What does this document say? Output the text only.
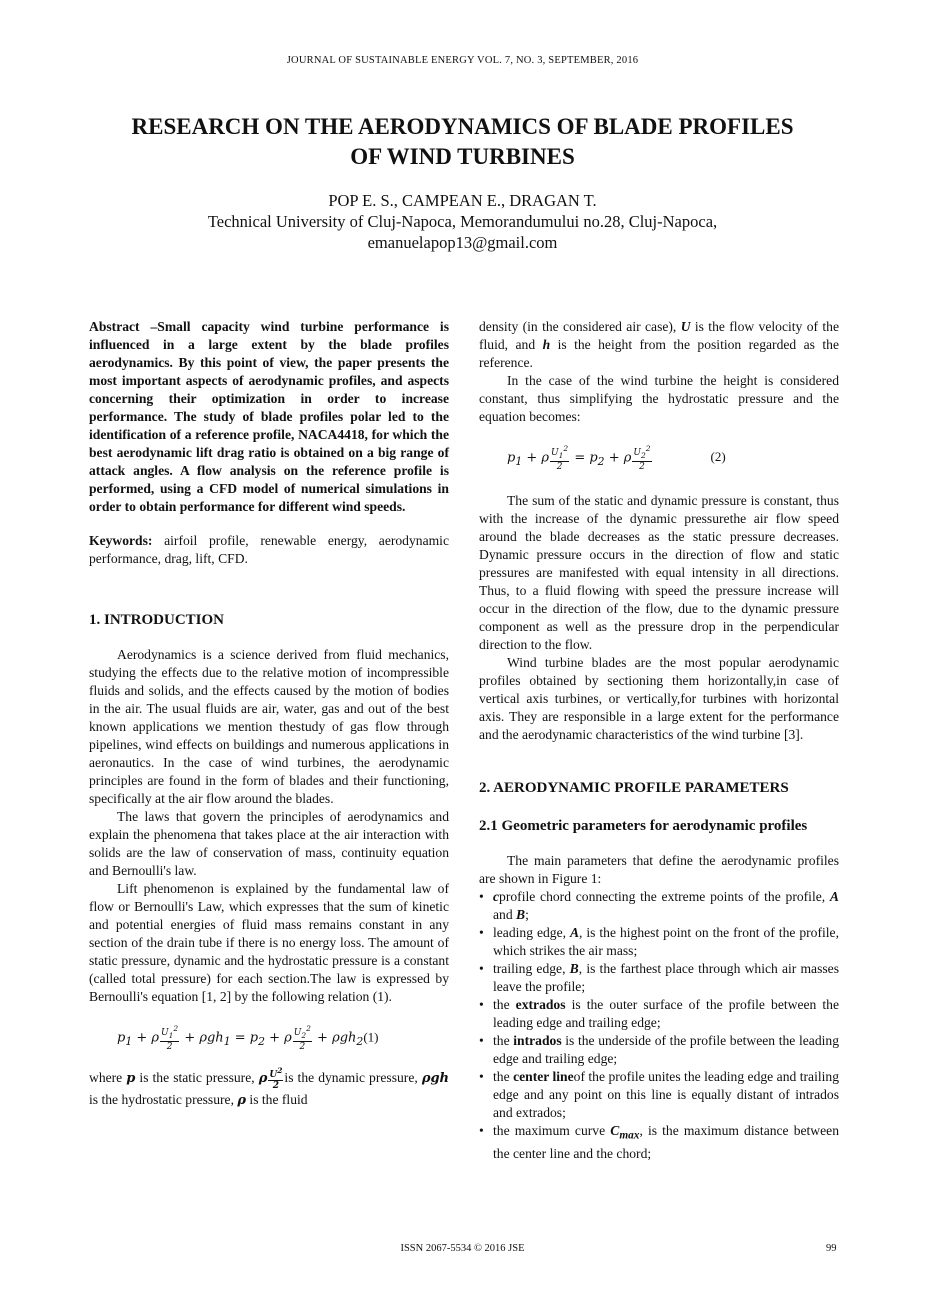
JOURNAL OF SUSTAINABLE ENERGY VOL. 7, NO. 3, SEPTEMBER, 2016
RESEARCH ON THE AERODYNAMICS OF BLADE PROFILES
OF WIND TURBINES
POP E. S., CAMPEAN E., DRAGAN T.
Technical University of Cluj-Napoca, Memorandumului no.28, Cluj-Napoca,
emanuelapop13@gmail.com

Abstract –Small capacity wind turbine performance is influenced in a large extent by the blade profiles aerodynamics. By this point of view, the paper presents the most important aspects of aerodynamic profiles, and aspects concerning their optimization in order to increase performance. The study of blade profiles polar led to the identification of a reference profile, NACA4418, for which the best aerodynamic lift drag ratio is obtained on a big range of attack angles. A flow analysis on the reference profile is performed, using a CFD model of numerical simulations in order to obtain performance for different wind speeds.

Keywords: airfoil profile, renewable energy, aerodynamic performance, drag, lift, CFD.

1. INTRODUCTION

Aerodynamics is a science derived from fluid mechanics, studying the effects due to the relative motion of incompressible fluids and solids, and the effects caused by the motion of bodies in the air. The usual fluids are air, water, gas and out of the best known applications we mention thestudy of gas flow through pipelines, wind effects on buildings and numerous applications in aeronautics. In the case of wind turbines, the aerodynamic principles are found in the form of blades and their functioning, specifically at the air flow around the blades.

The laws that govern the principles of aerodynamics and explain the phenomena that takes place at the air interaction with solids are the law of conservation of mass, continuity equation and Bernoulli's law.

Lift phenomenon is explained by the fundamental law of flow or Bernoulli's Law, which expresses that the sum of kinetic and potential energies of fluid mass remains constant in any section of the drain tube if there is no energy loss. The amount of static pressure, dynamic and the hydrostatic pressure is a constant (called total pressure) for each section.The law is expressed by Bernoulli's equation [1, 2] by the following relation (1).

$p_1 + \rho \frac{U_1^2}{2} + \rho gh_1 = p_2 + \rho \frac{U_2^2}{2} + \rho gh_2(1)$

where p is the static pressure, ρ $\frac{U^2}{2}$ is the dynamic pressure, ρgh is the hydrostatic pressure, ρ is the fluid

density (in the considered air case), U is the flow velocity of the fluid, and h is the height from the position regarded as the reference.

In the case of the wind turbine the height is considered constant, thus simplifying the hydrostatic pressure and the equation becomes:

$p_1 + \rho \frac{U_1^2}{2} = p_2 + \rho \frac{U_2^2}{2}$	(2)

The sum of the static and dynamic pressure is constant, thus with the increase of the dynamic pressurethe air flow speed around the blade decreases as the static pressure decreases. Dynamic pressure occurs in the direction of flow and static pressures are manifested with equal intensity in all directions. Thus, to a fluid flowing with speed the pressure increase will occur in the direction of the flow, due to the dynamic pressure component as well as the pressure drop in the perpendicular direction to the flow.

Wind turbine blades are the most popular aerodynamic profiles obtained by sectioning them horizontally,in case of vertical axis turbines, or vertically,for turbines with horizontal axis. They are responsible in a large extent for the performance and the aerodynamic characteristics of the wind turbine [3].

2. AERODYNAMIC PROFILE PARAMETERS
2.1 Geometric parameters for aerodynamic profiles

The main parameters that define the aerodynamic profiles are shown in Figure 1:

• cprofile chord connecting the extreme points of the profile, A and B;
• leading edge, A, is the highest point on the front of the profile, which strikes the air mass;
• trailing edge, B, is the farthest place through which air masses leave the profile;
• the extrados is the outer surface of the profile between the leading edge and trailing edge;
• the intrados is the underside of the profile between the leading edge and trailing edge;
• the center lineof the profile unites the leading edge and trailing edge and any point on this line is equally distant of intrados and extrados;
• the maximum curve $C_{max}$, is the maximum distance between the center line and the chord;
ISSN 2067-5534 © 2016 JSE	99
